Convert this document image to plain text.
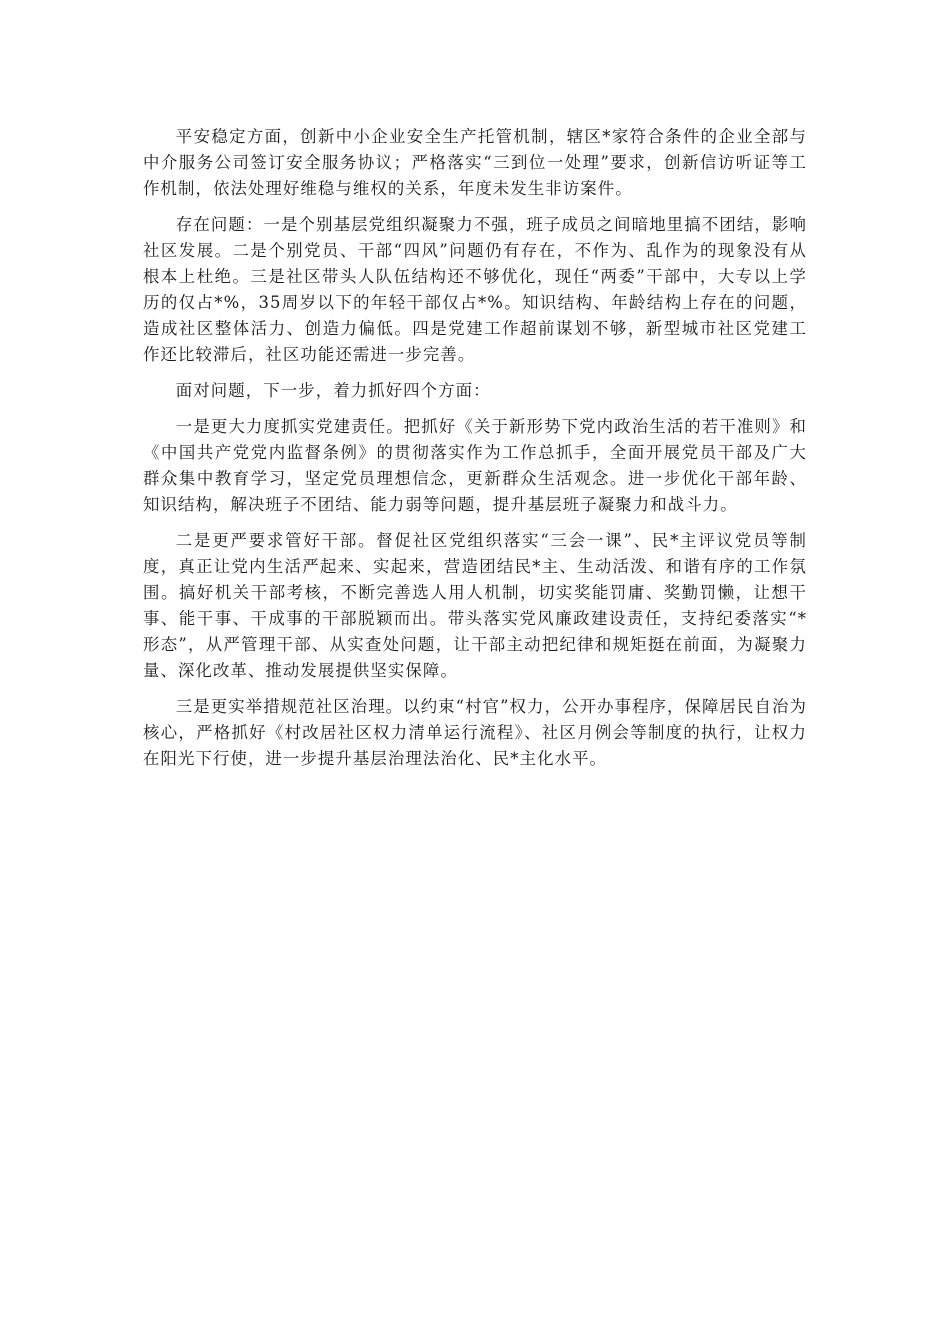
平安稳定方面，创新中小企业安全生产托管机制，辖区*家符合条件的企业全部与中介服务公司签订安全服务协议；严格落实“三到位一处理”要求，创新信访听证等工作机制，依法处理好维稳与维权的关系，年度未发生非访案件。

存在问题：一是个别基层党组织凝聚力不强，班子成员之间暗地里搞不团结，影响社区发展。二是个别党员、干部“四风”问题仍有存在，不作为、乱作为的现象没有从根本上杜绝。三是社区带头人队伍结构还不够优化，现任“两委”干部中，大专以上学历的仅占*%，35周岁以下的年轻干部仅占*%。知识结构、年龄结构上存在的问题，造成社区整体活力、创造力偏低。四是党建工作超前谋划不够，新型城市社区党建工作还比较滞后，社区功能还需进一步完善。

面对问题，下一步，着力抓好四个方面：

一是更大力度抓实党建责任。把抓好《关于新形势下党内政治生活的若干准则》和《中国共产党党内监督条例》的贯彻落实作为工作总抓手，全面开展党员干部及广大群众集中教育学习，坚定党员理想信念，更新群众生活观念。进一步优化干部年龄、知识结构，解决班子不团结、能力弱等问题，提升基层班子凝聚力和战斗力。

二是更严要求管好干部。督促社区党组织落实“三会一课”、民*主评议党员等制度，真正让党内生活严起来、实起来，营造团结民*主、生动活泼、和谐有序的工作氛围。搞好机关干部考核，不断完善选人用人机制，切实奖能罚庸、奖勤罚懒，让想干事、能干事、干成事的干部脱颖而出。带头落实党风廉政建设责任，支持纪委落实“*形态”，从严管理干部、从实查处问题，让干部主动把纪律和规矩挺在前面，为凝聚力量、深化改革、推动发展提供坚实保障。

三是更实举措规范社区治理。以约束“村官”权力，公开办事程序，保障居民自治为核心，严格抓好《村改居社区权力清单运行流程》、社区月例会等制度的执行，让权力在阳光下行使，进一步提升基层治理法治化、民*主化水平。
